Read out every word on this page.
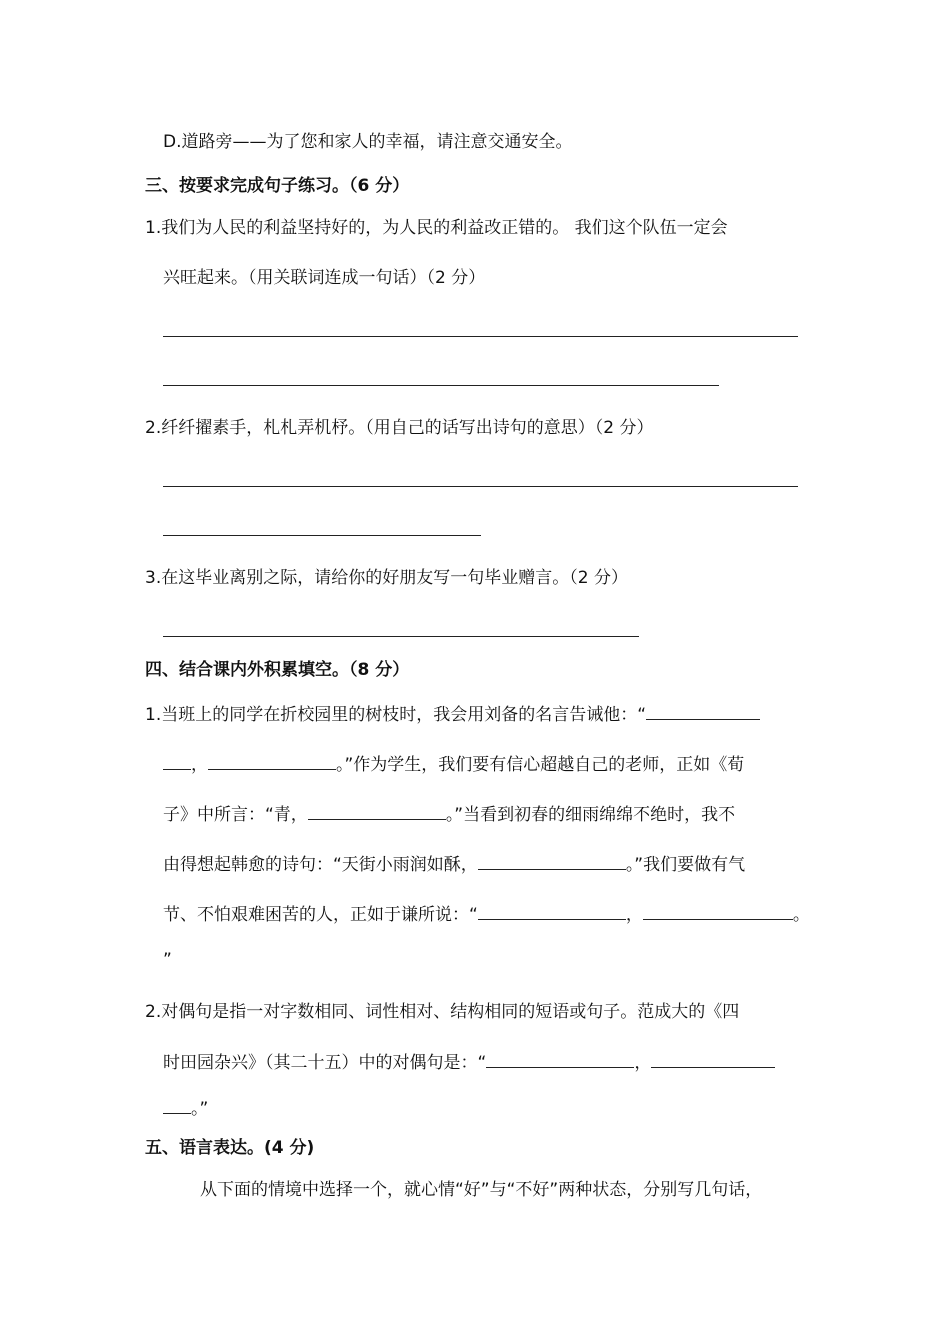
D.道路旁——为了您和家人的幸福，请注意交通安全。
三、按要求完成句子练习。（6 分）
1.我们为人民的利益坚持好的，为人民的利益改正错的。 我们这个队伍一定会
兴旺起来。（用关联词连成一句话）（2 分）
2.纤纤擢素手，札札弄机杼。（用自己的话写出诗句的意思）（2 分）
3.在这毕业离别之际，请给你的好朋友写一句毕业赠言。（2 分）
四、结合课内外积累填空。（8 分）
1.当班上的同学在折校园里的树枝时，我会用刘备的名言告诫他：“
，	。”作为学生，我们要有信心超越自己的老师，正如《荀
子》中所言：“青，	。”当看到初春的细雨绵绵不绝时，我不
由得想起韩愈的诗句：“天街小雨润如酥，	。”我们要做有气
节、不怕艰难困苦的人，正如于谦所说：“	，	。
”
2.对偶句是指一对字数相同、词性相对、结构相同的短语或句子。范成大的《四
时田园杂兴》（其二十五）中的对偶句是：“	，
。”
五、语言表达。(4 分)
从下面的情境中选择一个，就心情“好”与“不好”两种状态，分别写几句话，
